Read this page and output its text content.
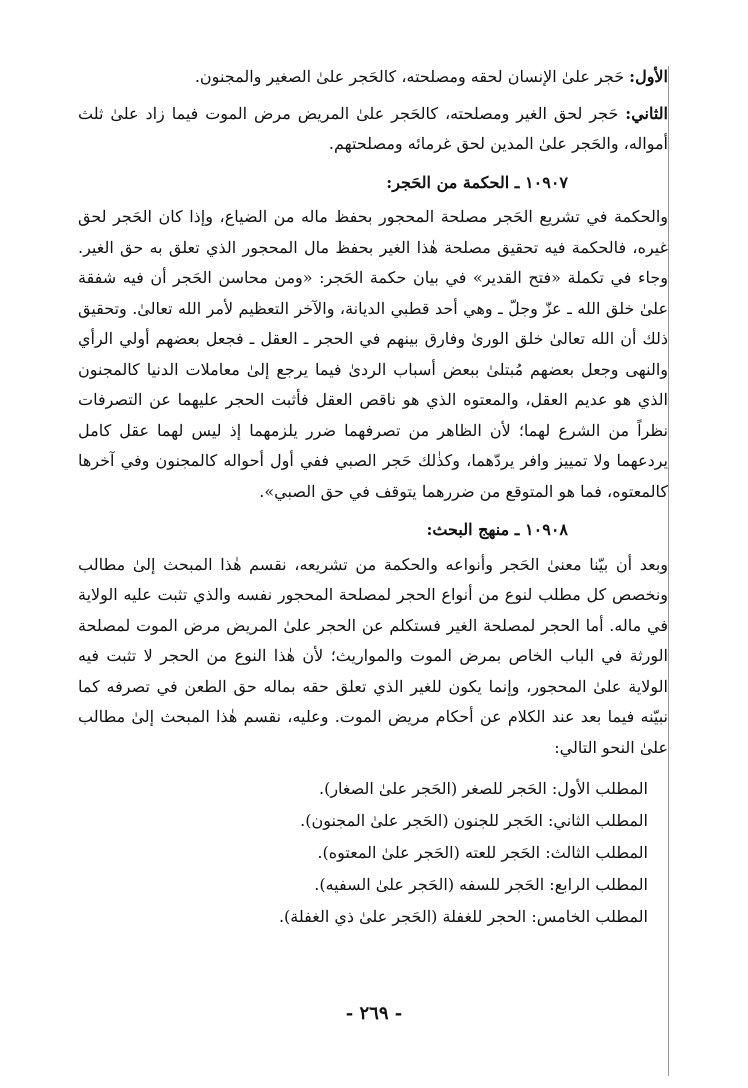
الأول: حَجر علىٰ الإنسان لحقه ومصلحته، كالحَجر علىٰ الصغير والمجنون.

الثاني: حَجر لحق الغير ومصلحته، كالحَجر علىٰ المريض مرض الموت فيما زاد علىٰ ثلث أمواله، والحَجر علىٰ المدين لحق غرمائه ومصلحتهم.

١٠٩٠٧ ـ الحكمة من الحَجر:

والحكمة في تشريع الحَجر مصلحة المحجور بحفظ ماله من الضياع، وإذا كان الحَجر لحق غيره، فالحكمة فيه تحقيق مصلحة هٰذا الغير بحفظ مال المحجور الذي تعلق به حق الغير. وجاء في تكملة «فتح القدير» في بيان حكمة الحَجر: «ومن محاسن الحَجر أن فيه شفقة علىٰ خلق الله ـ عزّ وجلّ ـ وهي أحد قطبي الديانة، والآخر التعظيم لأمر الله تعالىٰ. وتحقيق ذلك أن الله تعالىٰ خلق الورىٰ وفارق بينهم في الحجر ـ العقل ـ فجعل بعضهم أولي الرأي والنهى وجعل بعضهم مُبتلىٰ ببعض أسباب الردىٰ فيما يرجع إلىٰ معاملات الدنيا كالمجنون الذي هو عديم العقل، والمعتوه الذي هو ناقص العقل فأثبت الحجر عليهما عن التصرفات نظراً من الشرع لهما؛ لأن الظاهر من تصرفهما ضرر يلزمهما إذ ليس لهما عقل كامل يردعهما ولا تمييز وافر يردّهما، وكذٰلك حَجر الصبي ففي أول أحواله كالمجنون وفي آخرها كالمعتوه، فما هو المتوقع من ضررهما يتوقف في حق الصبي».

١٠٩٠٨ ـ منهج البحث:

وبعد أن بيّنا معنىٰ الحَجر وأنواعه والحكمة من تشريعه، نقسم هٰذا المبحث إلىٰ مطالب ونخصص كل مطلب لنوع من أنواع الحجر لمصلحة المحجور نفسه والذي تثبت عليه الولاية في ماله. أما الحجر لمصلحة الغير فستكلم عن الحجر علىٰ المريض مرض الموت لمصلحة الورثة في الباب الخاص بمرض الموت والمواريث؛ لأن هٰذا النوع من الحجر لا تثبت فيه الولاية علىٰ المحجور، وإنما يكون للغير الذي تعلق حقه بماله حق الطعن في تصرفه كما نبيّنه فيما بعد عند الكلام عن أحكام مريض الموت. وعليه، نقسم هٰذا المبحث إلىٰ مطالب علىٰ النحو التالي:

المطلب الأول: الحَجر للصغر (الحَجر علىٰ الصغار).

المطلب الثاني: الحَجر للجنون (الحَجر علىٰ المجنون).

المطلب الثالث: الحَجر للعته (الحَجر علىٰ المعتوه).

المطلب الرابع: الحَجر للسفه (الحَجر علىٰ السفيه).

المطلب الخامس: الحجر للغفلة (الحَجر علىٰ ذي الغفلة).

- ٢٦٩ -
